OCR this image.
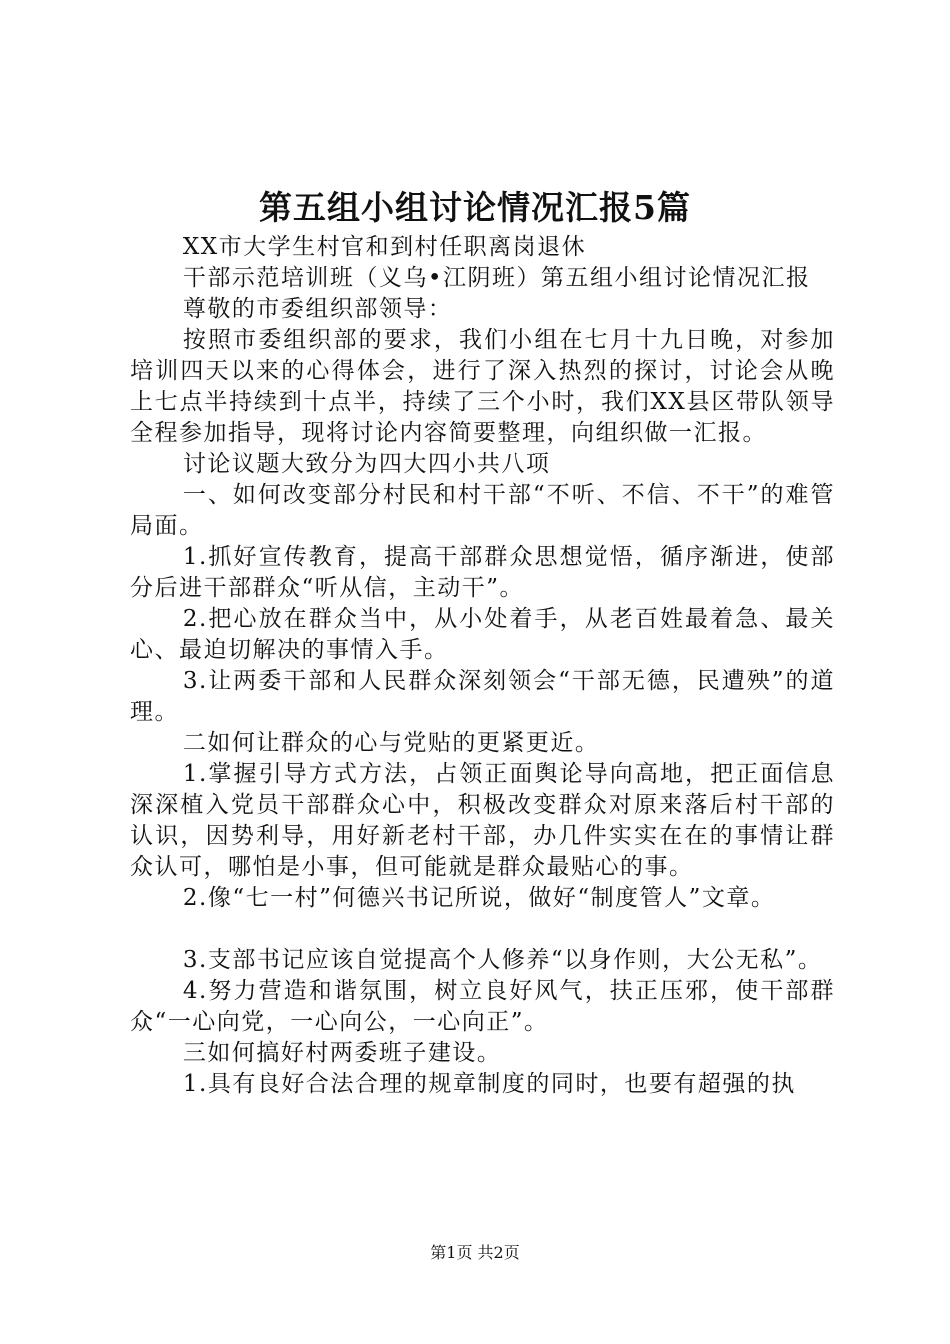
第五组小组讨论情况汇报5篇

XX市大学生村官和到村任职离岗退休

干部示范培训班（义乌•江阴班）第五组小组讨论情况汇报

尊敬的市委组织部领导：

按照市委组织部的要求，我们小组在七月十九日晚，对参加培训四天以来的心得体会，进行了深入热烈的探讨，讨论会从晚上七点半持续到十点半，持续了三个小时，我们XX县区带队领导全程参加指导，现将讨论内容简要整理，向组织做一汇报。

讨论议题大致分为四大四小共八项

一、如何改变部分村民和村干部“不听、不信、不干”的难管局面。

1.抓好宣传教育，提高干部群众思想觉悟，循序渐进，使部分后进干部群众“听从信，主动干”。

2.把心放在群众当中，从小处着手，从老百姓最着急、最关心、最迫切解决的事情入手。

3.让两委干部和人民群众深刻领会“干部无德，民遭殃”的道理。

二如何让群众的心与党贴的更紧更近。

1.掌握引导方式方法，占领正面舆论导向高地，把正面信息深深植入党员干部群众心中，积极改变群众对原来落后村干部的认识，因势利导，用好新老村干部，办几件实实在在的事情让群众认可，哪怕是小事，但可能就是群众最贴心的事。

2.像“七一村”何德兴书记所说，做好“制度管人”文章。

3.支部书记应该自觉提高个人修养“以身作则，大公无私”。

4.努力营造和谐氛围，树立良好风气，扶正压邪，使干部群众“一心向党，一心向公，一心向正”。

三如何搞好村两委班子建设。

1.具有良好合法合理的规章制度的同时，也要有超强的执

第1页 共2页
